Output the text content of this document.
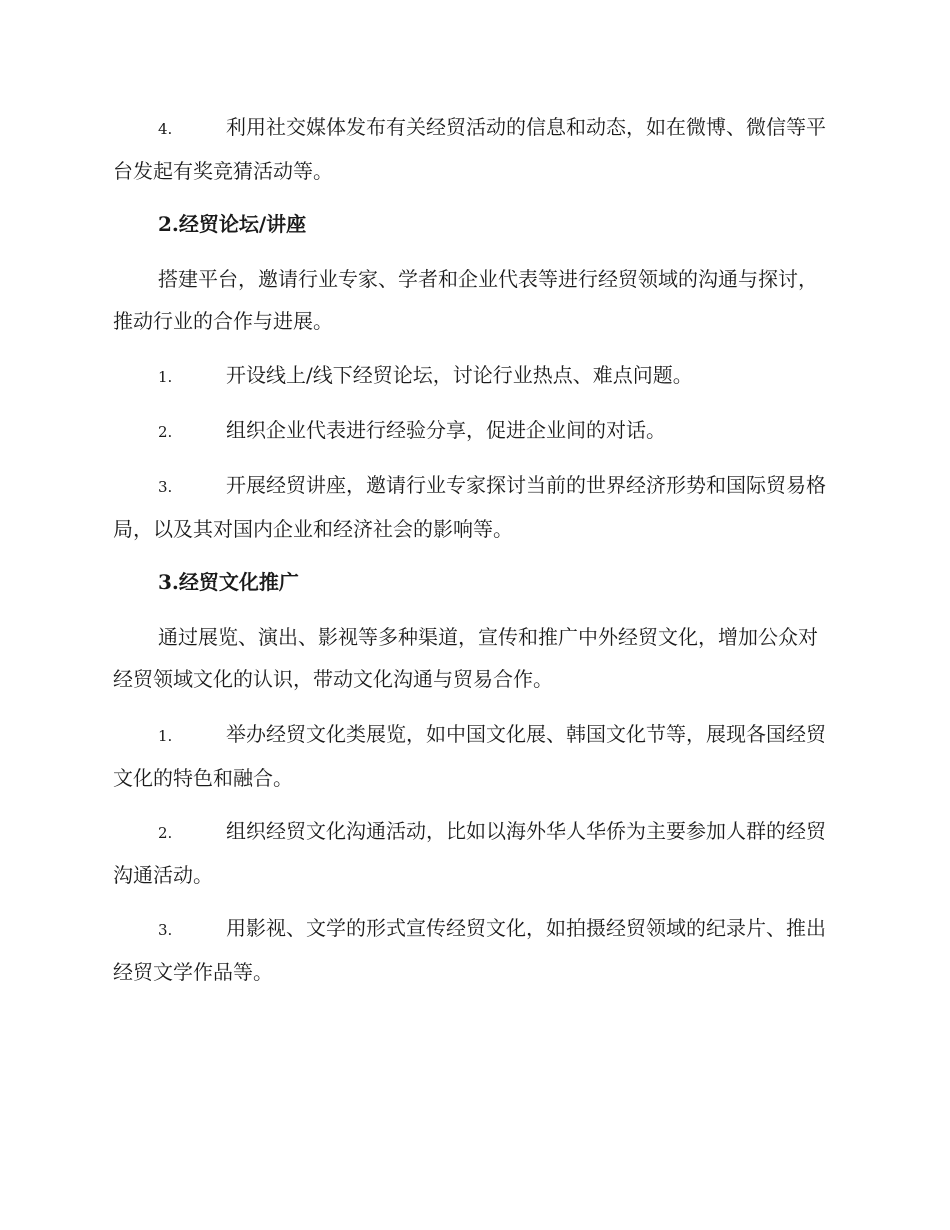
4.	利用社交媒体发布有关经贸活动的信息和动态，如在微博、微信等平台发起有奖竞猜活动等。

2.经贸论坛/讲座

搭建平台，邀请行业专家、学者和企业代表等进行经贸领域的沟通与探讨，推动行业的合作与进展。

1.	开设线上/线下经贸论坛，讨论行业热点、难点问题。

2.	组织企业代表进行经验分享，促进企业间的对话。

3.	开展经贸讲座，邀请行业专家探讨当前的世界经济形势和国际贸易格局，以及其对国内企业和经济社会的影响等。

3.经贸文化推广

通过展览、演出、影视等多种渠道，宣传和推广中外经贸文化，增加公众对经贸领域文化的认识，带动文化沟通与贸易合作。

1.	举办经贸文化类展览，如中国文化展、韩国文化节等，展现各国经贸文化的特色和融合。

2.	组织经贸文化沟通活动，比如以海外华人华侨为主要参加人群的经贸沟通活动。

3.	用影视、文学的形式宣传经贸文化，如拍摄经贸领域的纪录片、推出经贸文学作品等。
